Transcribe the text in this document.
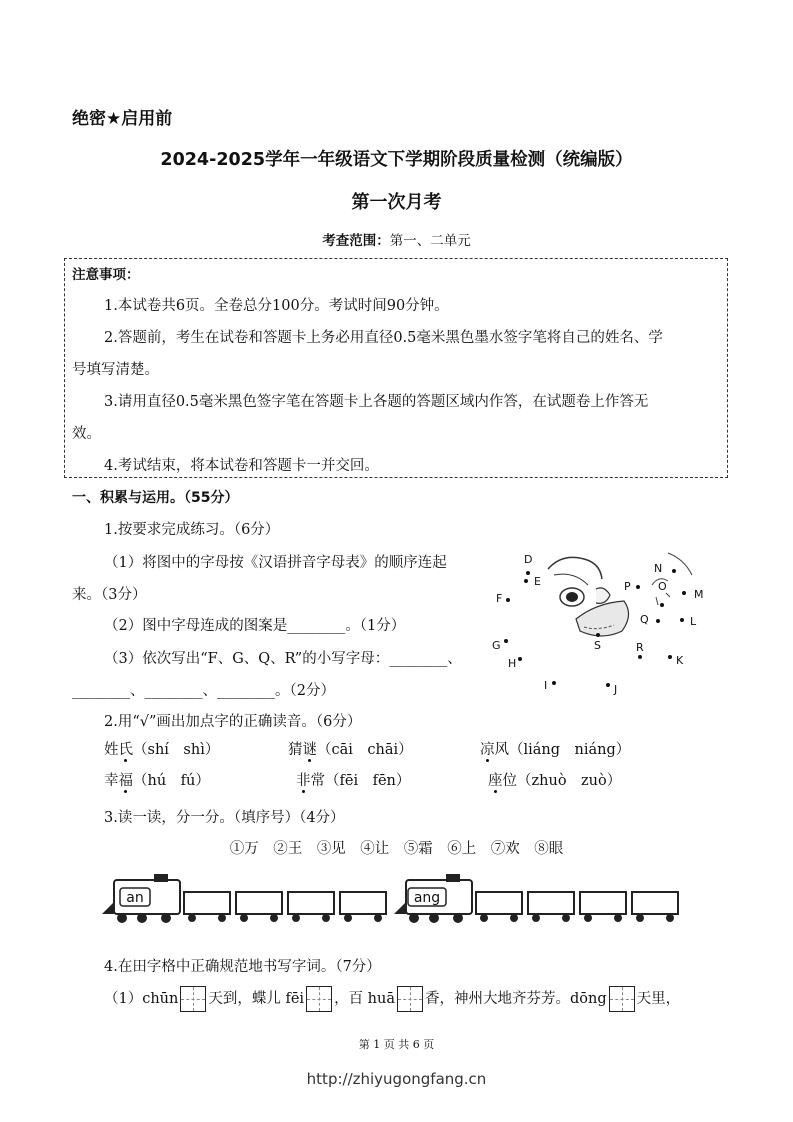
绝密★启用前
2024-2025学年一年级语文下学期阶段质量检测（统编版）
第一次月考
考查范围：第一、二单元
注意事项：
1.本试卷共6页。全卷总分100分。考试时间90分钟。
2.答题前，考生在试卷和答题卡上务必用直径0.5毫米黑色墨水签字笔将自己的姓名、学
号填写清楚。
3.请用直径0.5毫米黑色签字笔在答题卡上各题的答题区域内作答，在试题卷上作答无
效。
4.考试结束，将本试卷和答题卡一并交回。
一、积累与运用。（55分）
1.按要求完成练习。（6分）
（1）将图中的字母按《汉语拼音字母表》的顺序连起
来。（3分）
（2）图中字母连成的图案是________。（1分）
（3）依次写出“F、G、Q、R”的小写字母：________、
________、________、________。（2分）
D
E
F
G
H
I	J
K
L
M
N
O
P
Q
R
S
2.用“√”画出加点字的正确读音。（6分）
姓氏（shí　shì）	猜谜（cāi　chāi）	凉风（liáng　niáng）
幸福（hú　fú）	非常（fēi　fēn）	座位（zhuò　zuò）
3.读一读，分一分。（填序号）（4分）
①万　②王　③见　④让　⑤霜　⑥上　⑦欢　⑧眼
an	ang
4.在田字格中正确规范地书写字词。（7分）
（1）chūn 天到，蝶儿 fēi ，百 huā 香，神州大地齐芬芳。dōng 天里，
第 1 页 共 6 页
http://zhiyugongfang.cn
